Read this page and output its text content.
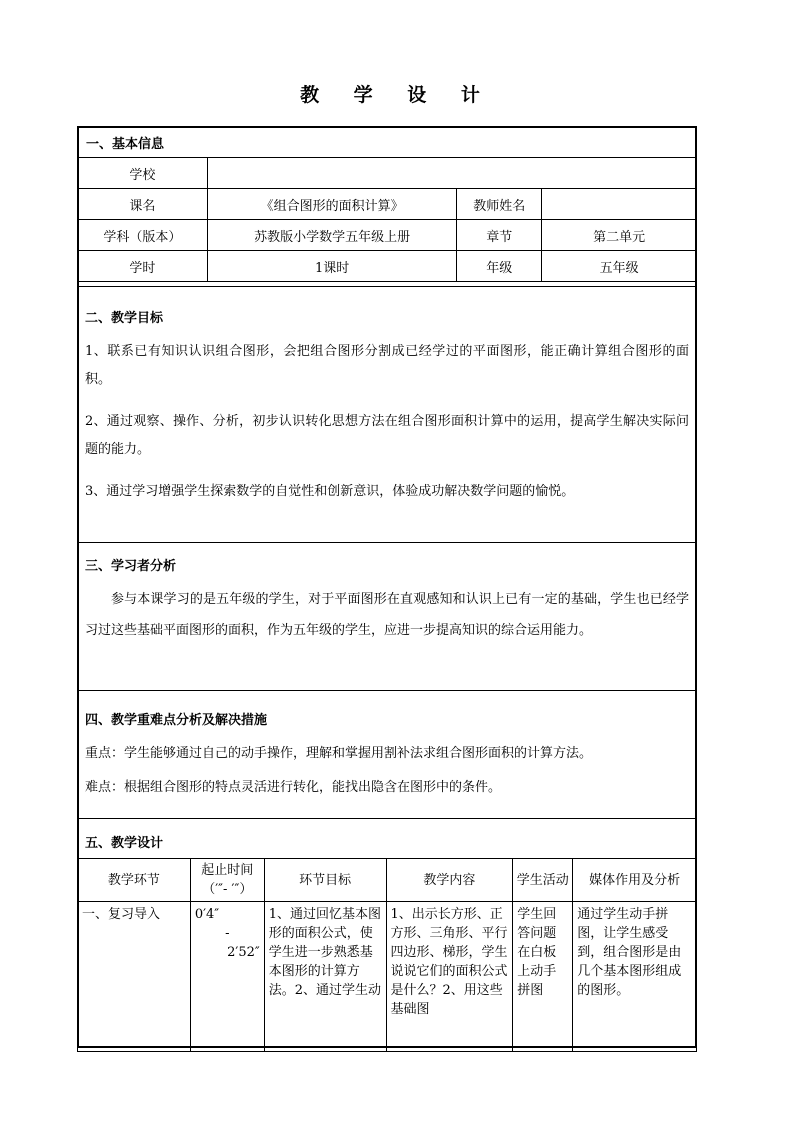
教 学 设 计
一、基本信息			
学校			
课名	《组合图形的面积计算》	教师姓名	
学科（版本）	苏教版小学数学五年级上册	章节	第二单元
学时	1课时	年级	五年级
二、教学目标
1、联系已有知识认识组合图形，会把组合图形分割成已经学过的平面图形，能正确计算组合图形的面积。
2、通过观察、操作、分析，初步认识转化思想方法在组合图形面积计算中的运用，提高学生解决实际问题的能力。
3、通过学习增强学生探索数学的自觉性和创新意识，体验成功解决数学问题的愉悦。
三、学习者分析
参与本课学习的是五年级的学生，对于平面图形在直观感知和认识上已有一定的基础，学生也已经学习过这些基础平面图形的面积，作为五年级的学生，应进一步提高知识的综合运用能力。
四、教学重难点分析及解决措施
重点：学生能够通过自己的动手操作，理解和掌握用割补法求组合图形面积的计算方法。
难点：根据组合图形的特点灵活进行转化，能找出隐含在图形中的条件。
五、教学设计
教学环节	起止时间
（′″- ′″）	环节目标	教学内容	学生活动	媒体作用及分析
一、复习导入	0′4″
-
2′52″	1、通过回忆基本图形的面积公式，使学生进一步熟悉基本图形的计算方法。2、通过学生动	1、出示长方形、正方形、三角形、平行四边形、梯形，学生说说它们的面积公式是什么？2、用这些基础图	学生回答问题在白板上动手拼图	通过学生动手拼图，让学生感受到，组合图形是由几个基本图形组成的图形。
